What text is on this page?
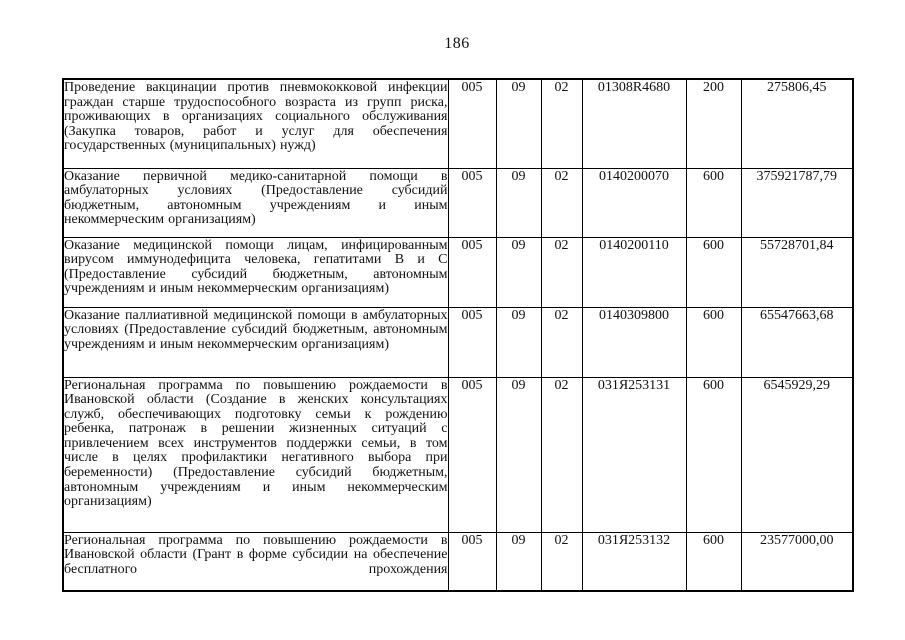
186
Проведение вакцинации против пневмококковой инфекции граждан старше трудоспособного возраста из групп риска, проживающих в организациях социального обслуживания (Закупка товаров, работ и услуг для обеспечения государственных (муниципальных) нужд)	005	09	02	01308R4680	200	275806,45
Оказание первичной медико-санитарной помощи в амбулаторных условиях (Предоставление субсидий бюджетным, автономным учреждениям и иным некоммерческим организациям)	005	09	02	0140200070	600	375921787,79
Оказание медицинской помощи лицам, инфицированным вирусом иммунодефицита человека, гепатитами В и С (Предоставление субсидий бюджетным, автономным учреждениям и иным некоммерческим организациям)	005	09	02	0140200110	600	55728701,84
Оказание паллиативной медицинской помощи в амбулаторных условиях (Предоставление субсидий бюджетным, автономным учреждениям и иным некоммерческим организациям)	005	09	02	0140309800	600	65547663,68
Региональная программа по повышению рождаемости в Ивановской области (Создание в женских консультациях служб, обеспечивающих подготовку семьи к рождению ребенка, патронаж в решении жизненных ситуаций с привлечением всех инструментов поддержки семьи, в том числе в целях профилактики негативного выбора при беременности) (Предоставление субсидий бюджетным, автономным учреждениям и иным некоммерческим организациям)	005	09	02	031Я253131	600	6545929,29
Региональная программа по повышению рождаемости в Ивановской области (Грант в форме субсидии на обеспечение бесплатного прохождения	005	09	02	031Я253132	600	23577000,00
